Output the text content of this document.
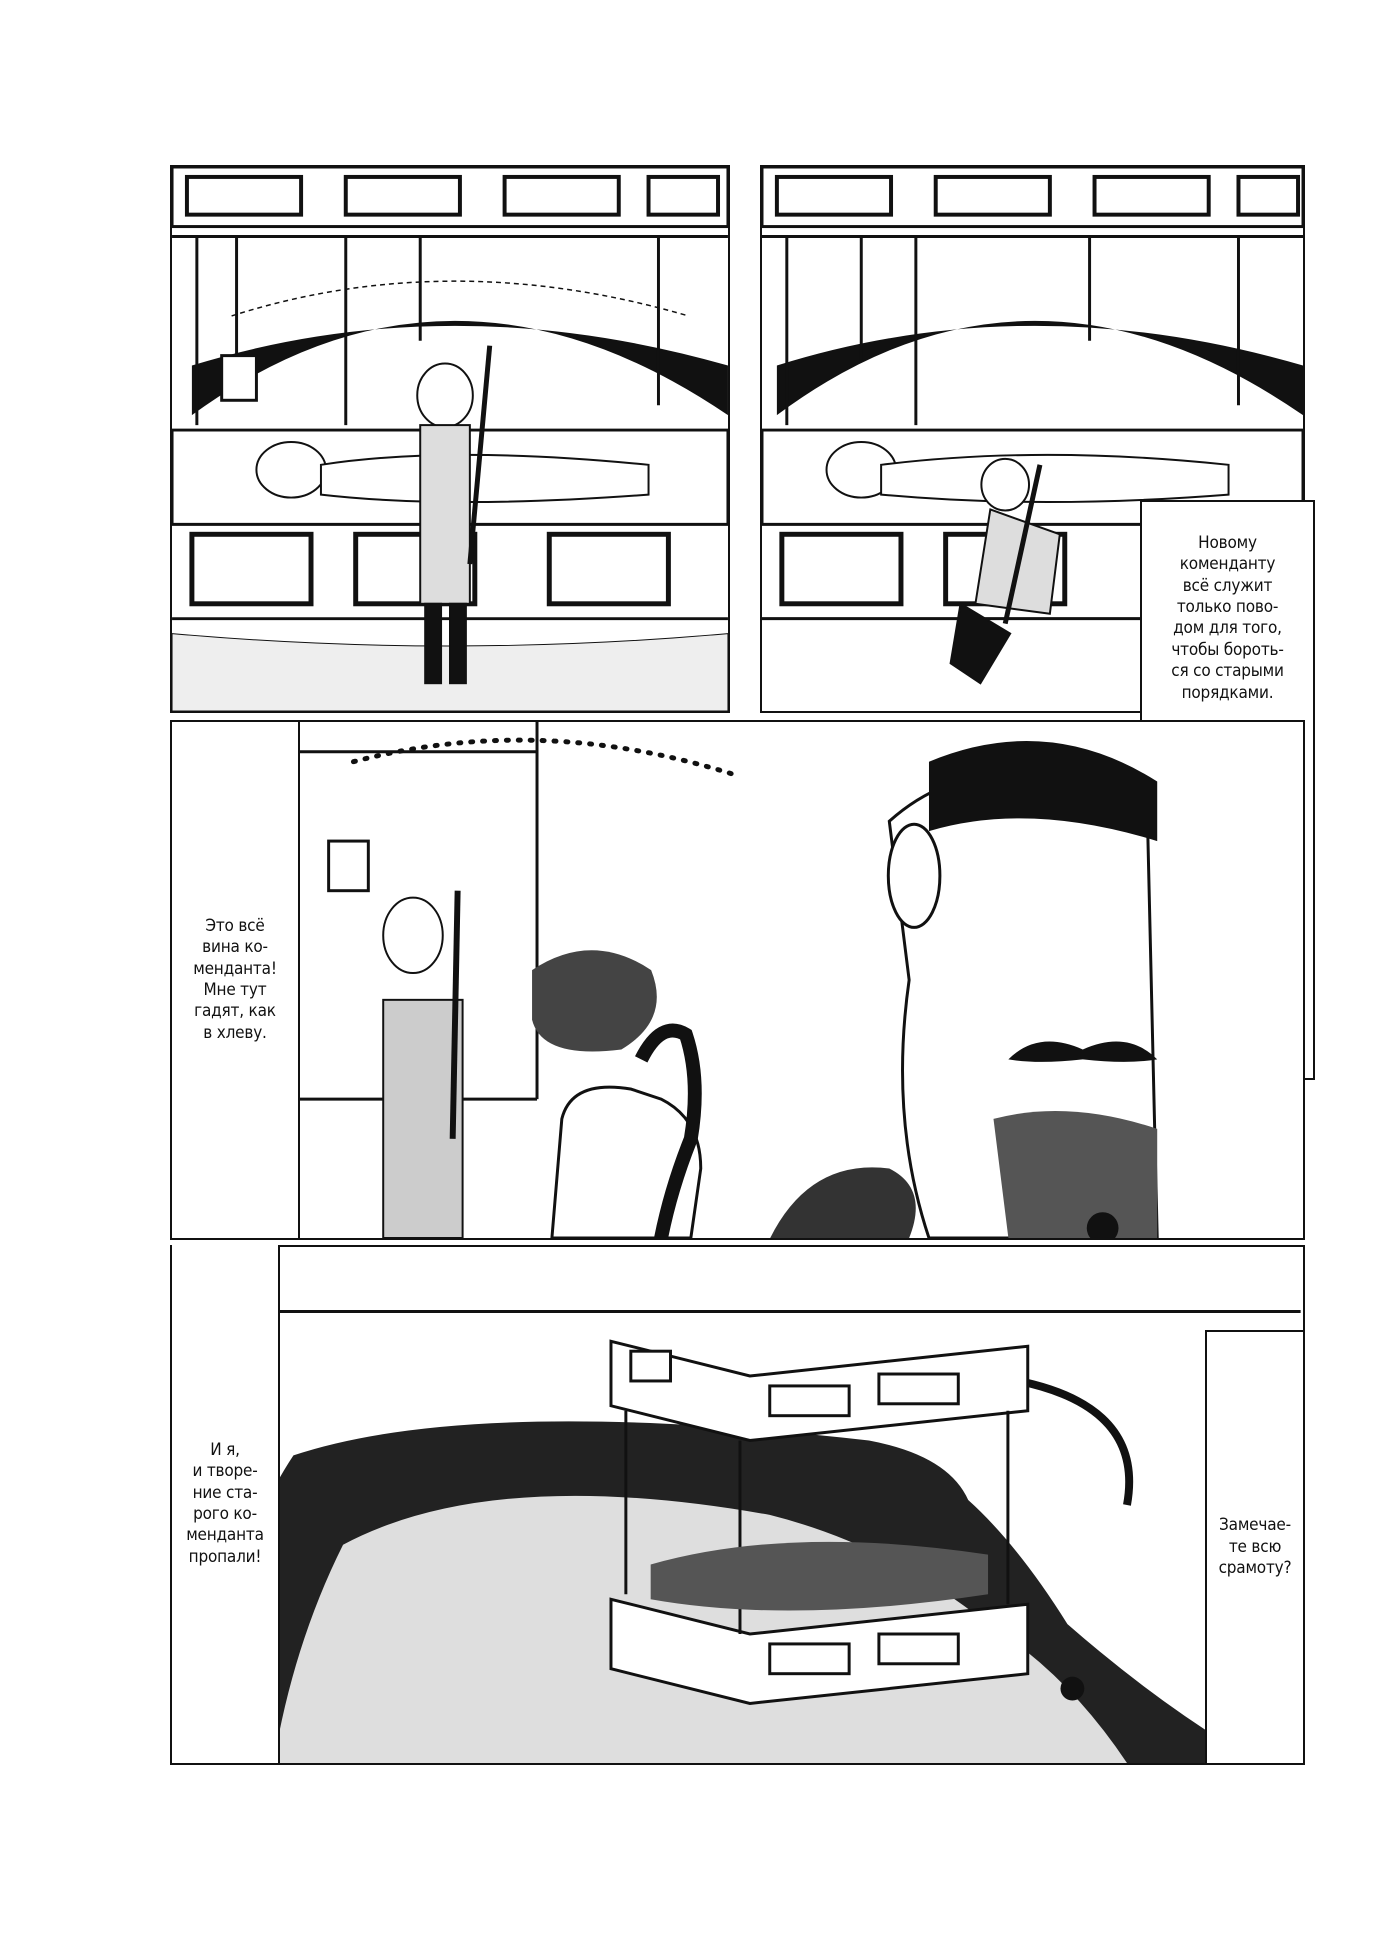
Новому
коменданту
всё служит
только пово-
дом для того,
чтобы бороть-
ся со старыми
порядками.

Это всё
вина ко-
менданта!
Мне тут
гадят, как
в хлеву.

И я,
и творе-
ние ста-
рого ко-
менданта
пропали!

Замечае-
те всю
срамоту?
